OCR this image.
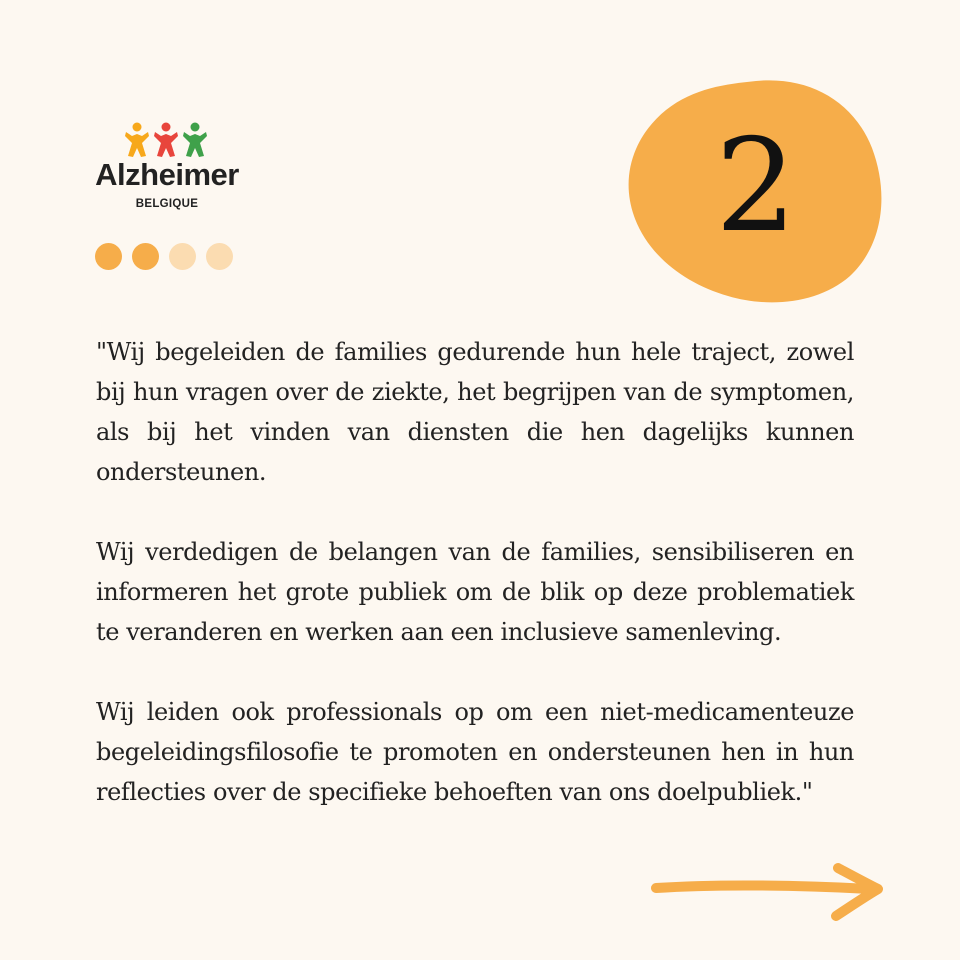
Alzheimer
BELGIQUE	2

"Wij begeleiden de families gedurende hun hele traject, zowel bij hun vragen over de ziekte, het begrijpen van de symptomen, als bij het vinden van diensten die hen dagelijks kunnen ondersteunen.

Wij verdedigen de belangen van de families, sensibiliseren en informeren het grote publiek om de blik op deze problematiek te veranderen en werken aan een inclusieve samenleving.

Wij leiden ook professionals op om een niet-medicamenteuze begeleidingsfilosofie te promoten en ondersteunen hen in hun reflecties over de specifieke behoeften van ons doelpubliek."
